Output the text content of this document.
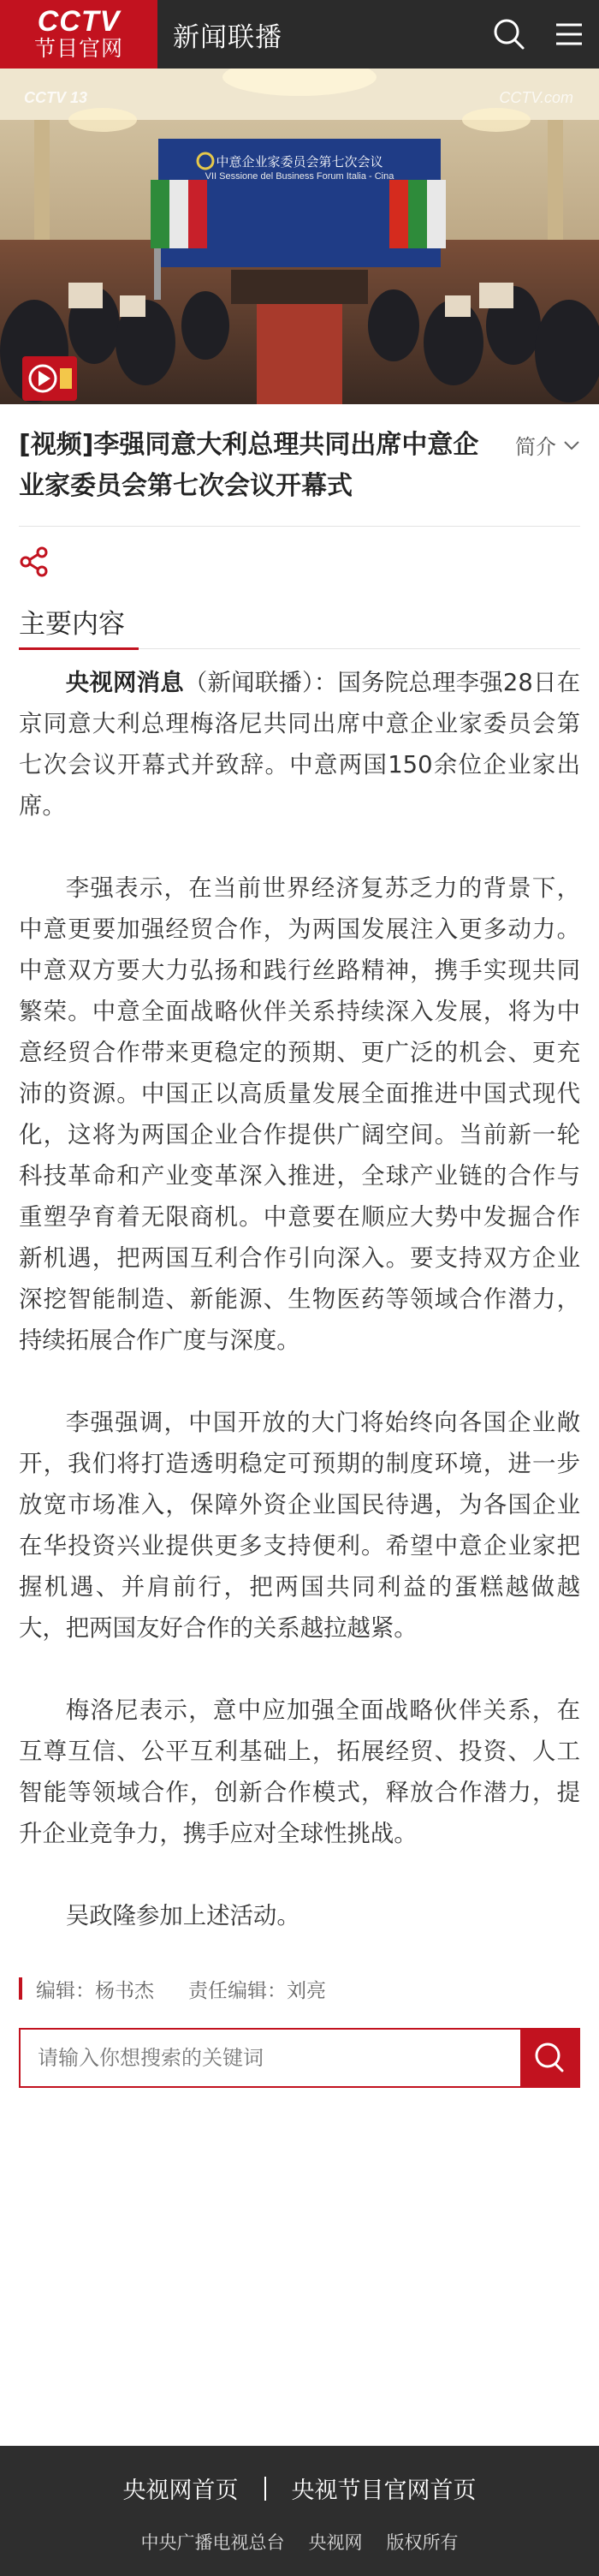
CCTV
节目官网 新闻联播
CCTV 13	CCTV.com
中意企业家委员会第七次会议
VII Sessione del Business Forum Italia - Cina
[视频]李强同意大利总理共同出席中意企业家委员会第七次会议开幕式
简介
主要内容

央视网消息（新闻联播）：国务院总理李强28日在京同意大利总理梅洛尼共同出席中意企业家委员会第七次会议开幕式并致辞。中意两国150余位企业家出席。

李强表示，在当前世界经济复苏乏力的背景下，中意更要加强经贸合作，为两国发展注入更多动力。中意双方要大力弘扬和践行丝路精神，携手实现共同繁荣。中意全面战略伙伴关系持续深入发展，将为中意经贸合作带来更稳定的预期、更广泛的机会、更充沛的资源。中国正以高质量发展全面推进中国式现代化，这将为两国企业合作提供广阔空间。当前新一轮科技革命和产业变革深入推进，全球产业链的合作与重塑孕育着无限商机。中意要在顺应大势中发掘合作新机遇，把两国互利合作引向深入。要支持双方企业深挖智能制造、新能源、生物医药等领域合作潜力，持续拓展合作广度与深度。

李强强调，中国开放的大门将始终向各国企业敞开，我们将打造透明稳定可预期的制度环境，进一步放宽市场准入，保障外资企业国民待遇，为各国企业在华投资兴业提供更多支持便利。希望中意企业家把握机遇、并肩前行，把两国共同利益的蛋糕越做越大，把两国友好合作的关系越拉越紧。

梅洛尼表示，意中应加强全面战略伙伴关系，在互尊互信、公平互利基础上，拓展经贸、投资、人工智能等领域合作，创新合作模式，释放合作潜力，提升企业竞争力，携手应对全球性挑战。

吴政隆参加上述活动。

编辑：杨书杰 责任编辑：刘亮
请输入你想搜索的关键词
央视网首页 央视节目官网首页
中央广播电视总台 央视网 版权所有
